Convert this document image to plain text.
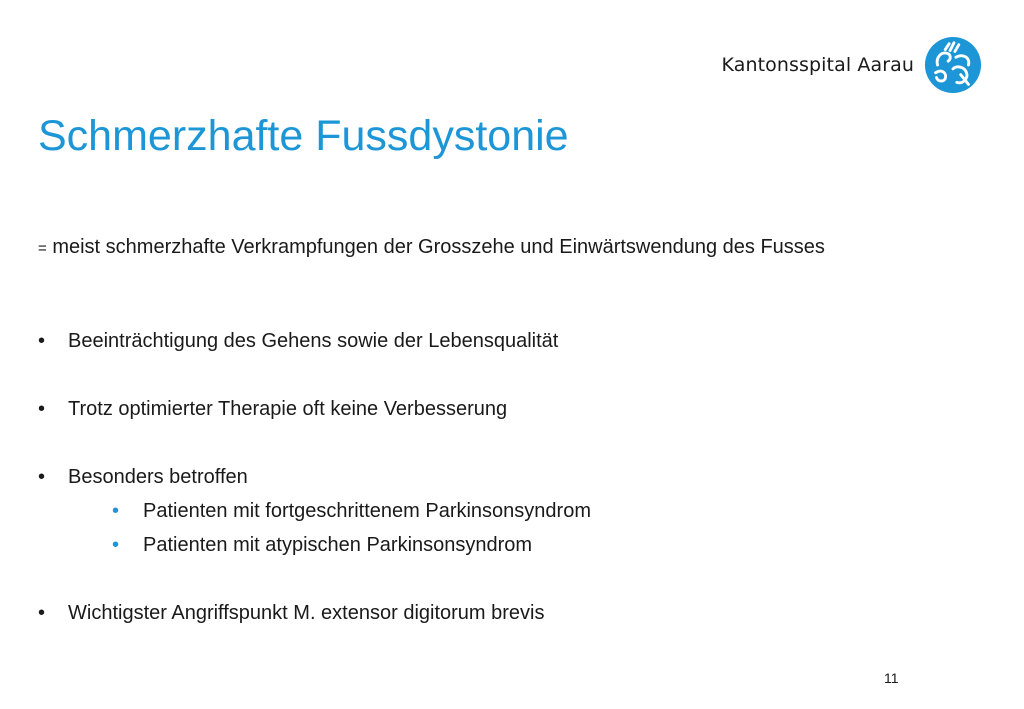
Kantonsspital Aarau
Schmerzhafte Fussdystonie

= meist schmerzhafte Verkrampfungen der Grosszehe und Einwärtswendung des Fusses

•	Beeinträchtigung des Gehens sowie der Lebensqualität
•	Trotz optimierter Therapie oft keine Verbesserung
•	Besonders betroffen
•	Patienten mit fortgeschrittenem Parkinsonsyndrom
•	Patienten mit atypischen Parkinsonsyndrom
•	Wichtigster Angriffspunkt M. extensor digitorum brevis
11
